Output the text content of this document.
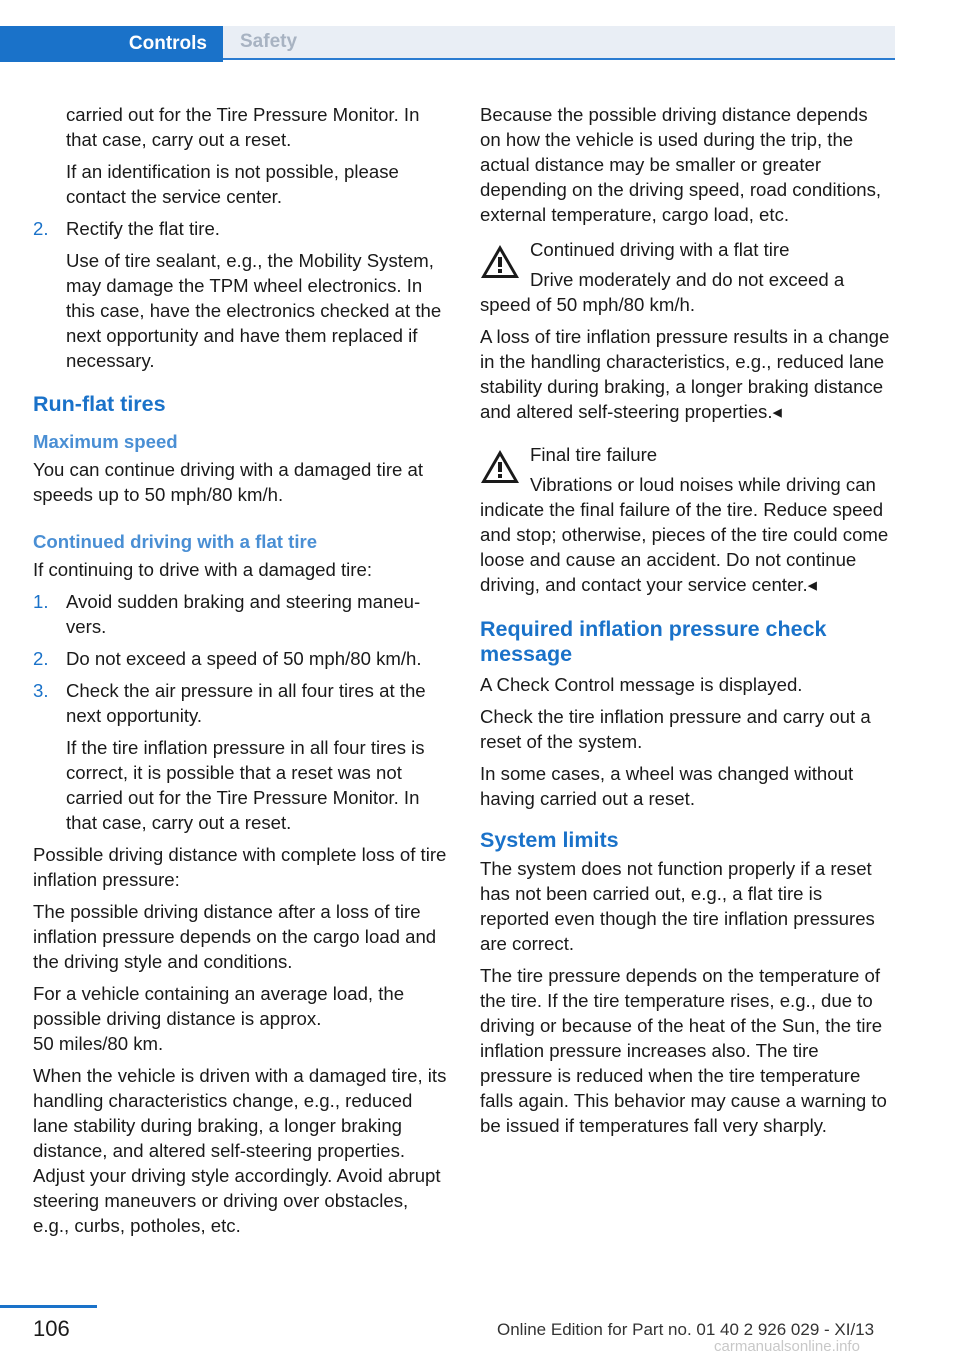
Controls	Safety

carried out for the Tire Pressure Monitor. In that case, carry out a reset.

If an identification is not possible, please contact the service center.

2. Rectify the flat tire.

Use of tire sealant, e.g., the Mobility System, may damage the TPM wheel electronics. In this case, have the electronics checked at the next opportunity and have them replaced if necessary.

Run-flat tires
Maximum speed

You can continue driving with a damaged tire at speeds up to 50 mph/80 km/h.

Continued driving with a flat tire

If continuing to drive with a damaged tire:

1. Avoid sudden braking and steering maneuvers.

2. Do not exceed a speed of 50 mph/80 km/h.

3. Check the air pressure in all four tires at the next opportunity.

If the tire inflation pressure in all four tires is correct, it is possible that a reset was not carried out for the Tire Pressure Monitor. In that case, carry out a reset.

Possible driving distance with complete loss of tire inflation pressure:

The possible driving distance after a loss of tire inflation pressure depends on the cargo load and the driving style and conditions.

For a vehicle containing an average load, the possible driving distance is approx.
50 miles/80 km.

When the vehicle is driven with a damaged tire, its handling characteristics change, e.g., reduced lane stability during braking, a longer braking distance, and altered self-steering properties. Adjust your driving style accordingly. Avoid abrupt steering maneuvers or driving over obstacles, e.g., curbs, potholes, etc.

Because the possible driving distance depends on how the vehicle is used during the trip, the actual distance may be smaller or greater depending on the driving speed, road conditions, external temperature, cargo load, etc.

Continued driving with a flat tire

Drive moderately and do not exceed a speed of 50 mph/80 km/h.

A loss of tire inflation pressure results in a change in the handling characteristics, e.g., reduced lane stability during braking, a longer braking distance and altered self-steering properties.◂

Final tire failure

Vibrations or loud noises while driving can indicate the final failure of the tire. Reduce speed and stop; otherwise, pieces of the tire could come loose and cause an accident. Do not continue driving, and contact your service center.◂

Required inflation pressure check message

A Check Control message is displayed.

Check the tire inflation pressure and carry out a reset of the system.

In some cases, a wheel was changed without having carried out a reset.

System limits

The system does not function properly if a reset has not been carried out, e.g., a flat tire is reported even though the tire inflation pressures are correct.

The tire pressure depends on the temperature of the tire. If the tire temperature rises, e.g., due to driving or because of the heat of the Sun, the tire inflation pressure increases also. The tire pressure is reduced when the tire temperature falls again. This behavior may cause a warning to be issued if temperatures fall very sharply.

106	Online Edition for Part no. 01 40 2 926 029 - XI/13
carmanualsonline.info
